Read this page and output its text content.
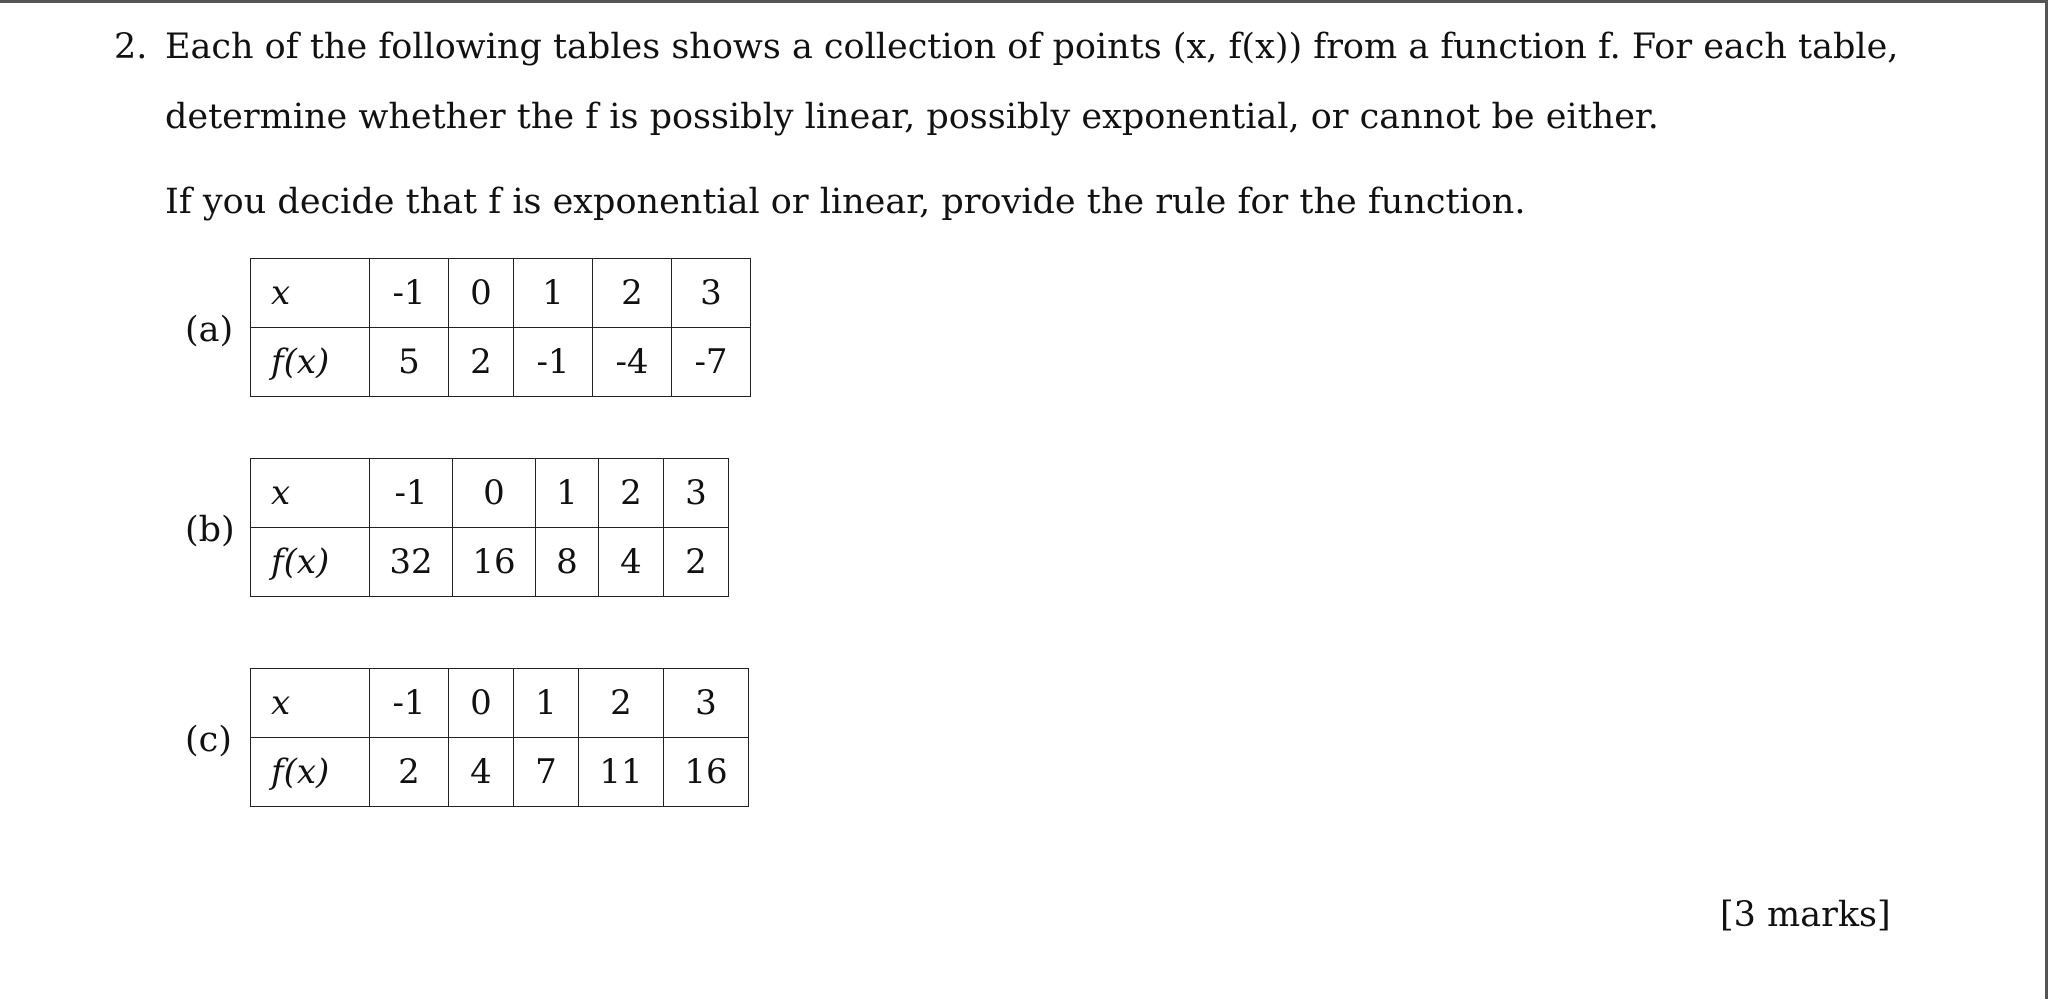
2. Each of the following tables shows a collection of points (x, f(x)) from a function f. For each table,
determine whether the f is possibly linear, possibly exponential, or cannot be either.
If you decide that f is exponential or linear, provide the rule for the function.
(a)
x	-1	0	1	2	3
f(x)	5	2	-1	-4	-7
(b)
x	-1	0	1	2	3
f(x)	32	16	8	4	2
(c)
x	-1	0	1	2	3
f(x)	2	4	7	11	16
[3 marks]
